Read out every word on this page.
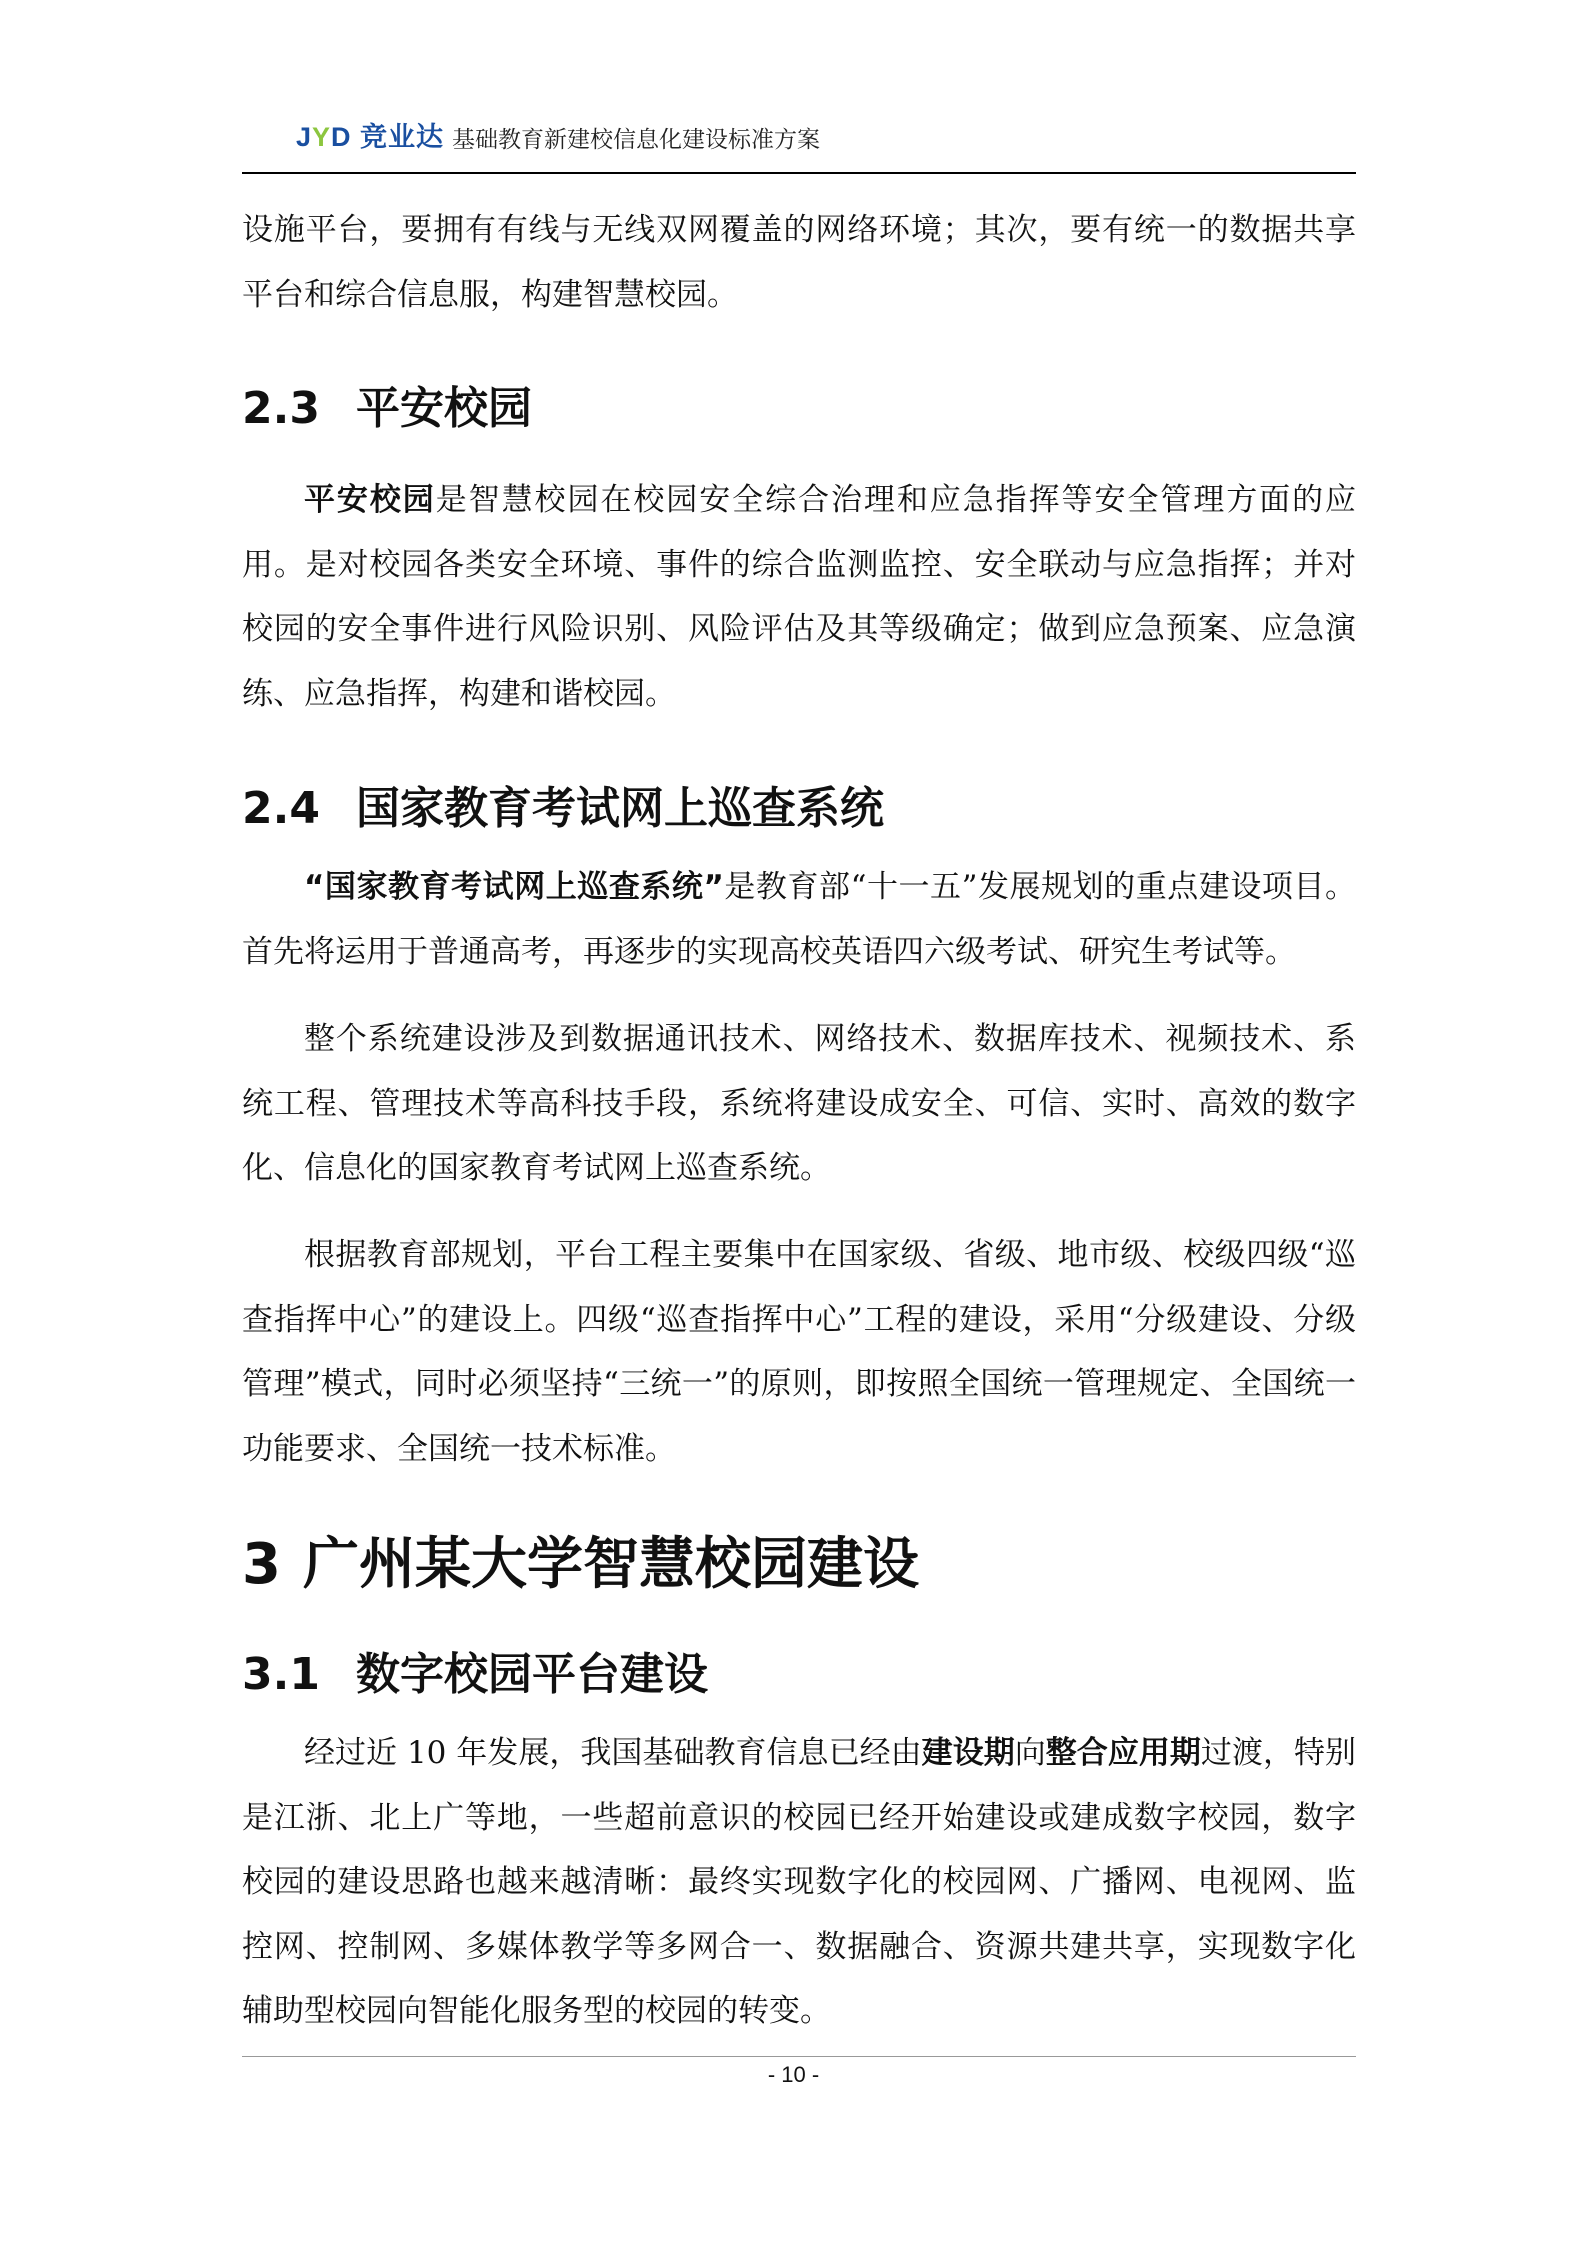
JYD 竞业达 基础教育新建校信息化建设标准方案

设施平台，要拥有有线与无线双网覆盖的网络环境；其次，要有统一的数据共享平台和综合信息服，构建智慧校园。

2.3 平安校园

平安校园是智慧校园在校园安全综合治理和应急指挥等安全管理方面的应用。是对校园各类安全环境、事件的综合监测监控、安全联动与应急指挥；并对校园的安全事件进行风险识别、风险评估及其等级确定；做到应急预案、应急演练、应急指挥，构建和谐校园。

2.4 国家教育考试网上巡查系统

“国家教育考试网上巡查系统”是教育部“十一五”发展规划的重点建设项目。首先将运用于普通高考，再逐步的实现高校英语四六级考试、研究生考试等。

整个系统建设涉及到数据通讯技术、网络技术、数据库技术、视频技术、系统工程、管理技术等高科技手段，系统将建设成安全、可信、实时、高效的数字化、信息化的国家教育考试网上巡查系统。

根据教育部规划，平台工程主要集中在国家级、省级、地市级、校级四级“巡查指挥中心”的建设上。四级“巡查指挥中心”工程的建设，采用“分级建设、分级管理”模式，同时必须坚持“三统一”的原则，即按照全国统一管理规定、全国统一功能要求、全国统一技术标准。

3 广州某大学智慧校园建设
3.1 数字校园平台建设

经过近 10 年发展，我国基础教育信息已经由建设期向整合应用期过渡，特别是江浙、北上广等地，一些超前意识的校园已经开始建设或建成数字校园，数字校园的建设思路也越来越清晰：最终实现数字化的校园网、广播网、电视网、监控网、控制网、多媒体教学等多网合一、数据融合、资源共建共享，实现数字化辅助型校园向智能化服务型的校园的转变。

- 10 -
